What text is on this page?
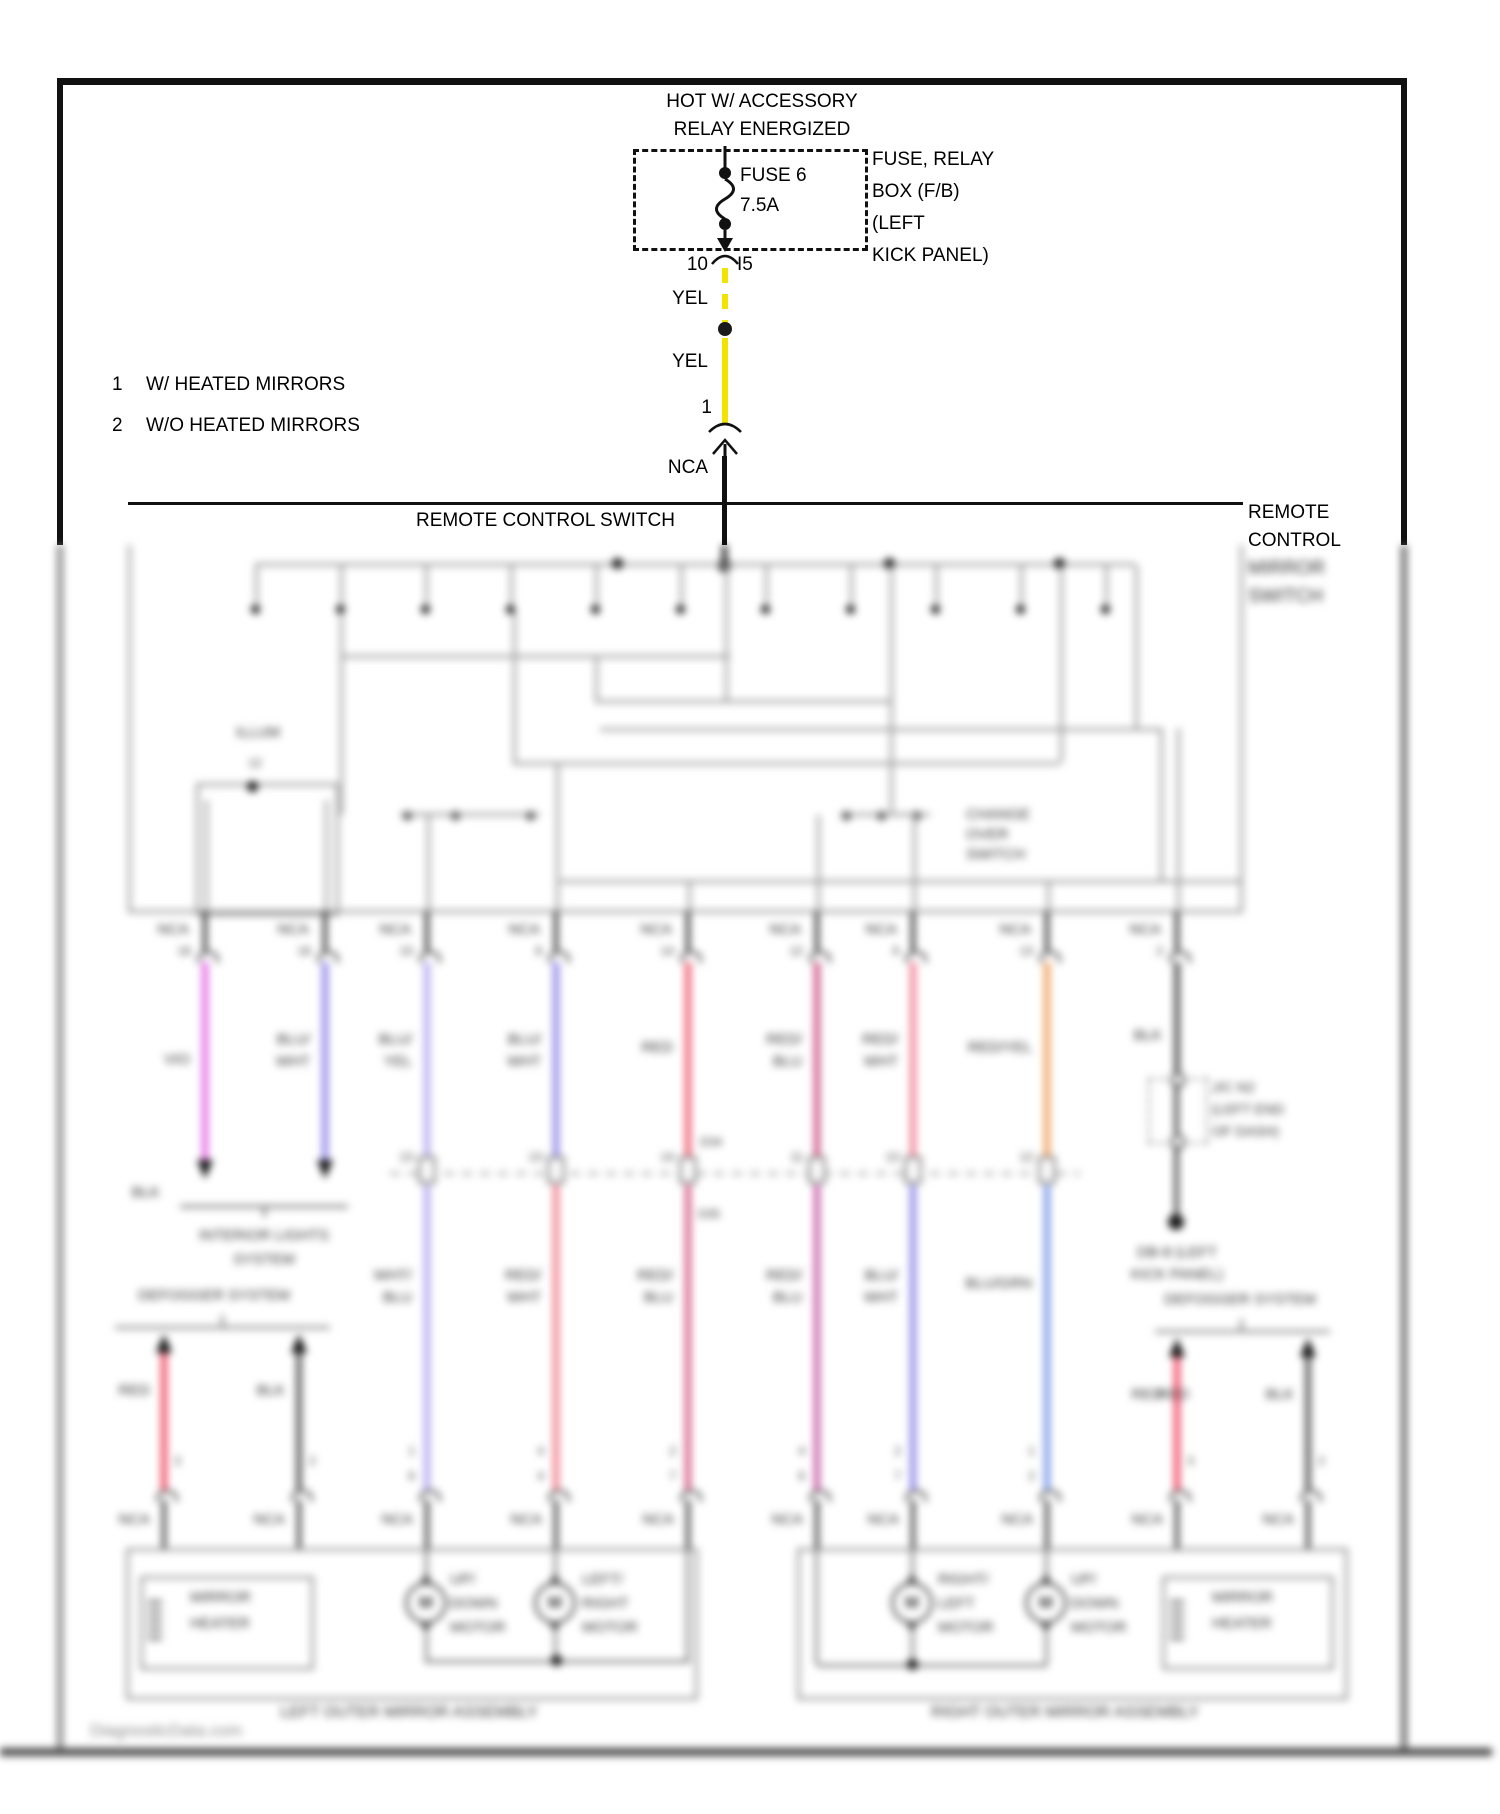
HOT W/ ACCESSORY
RELAY ENERGIZED
FUSE 6
7.5A
FUSE, RELAY
BOX (F/B)
(LEFT
KICK PANEL)
10 I5
YEL
YEL
1
NCA
1 W/ HEATED MIRRORS
2 W/O HEATED MIRRORS
REMOTE CONTROL SWITCH	REMOTE
CONTROL
MIRROR
SWITCH
CHANGE
OVER
SWITCH
ILLUM
12
NCA	NCA	NCA	NCA	NCA	NCA	NCA	NCA	NCA
16	16	10	8	14	12	9	13	2
VIO
BLU/
WHT
BLU/
YEL
BLU/
WHT
RED	RED/
BLU
RED/
WHT
RED/YEL
BLK
INTERIOR LIGHTS
SYSTEM
13	13	14	11	13	12
D34
D35
WHT/
BLU
RED/
WHT
RED/
BLU
RED/
BLU
BLU/
WHT
BLU/GRN
J/C N2
(LEFT END
OF DASH)
BLK
DB-8 (LEFT
KICK PANEL)
DEFOGGER SYSTEM
RED	BLK
3	2
DEFOGGER SYSTEM
RED
RED	BLK
3	2
1
6
4
4
2
7
4
6
2
7
1
2
NCA	NCA	NCA	NCA	NCA	NCA	NCA	NCA	NCA	NCA
MIRROR
HEATER
M	M
UP/
DOWN
MOTOR
LEFT/
RIGHT
MOTOR
LEFT OUTER MIRROR ASSEMBLY
M	M
RIGHT/
LEFT
MOTOR
UP/
DOWN
MOTOR
MIRROR
HEATER
RIGHT OUTER MIRROR ASSEMBLY
DiagnosticData.com
